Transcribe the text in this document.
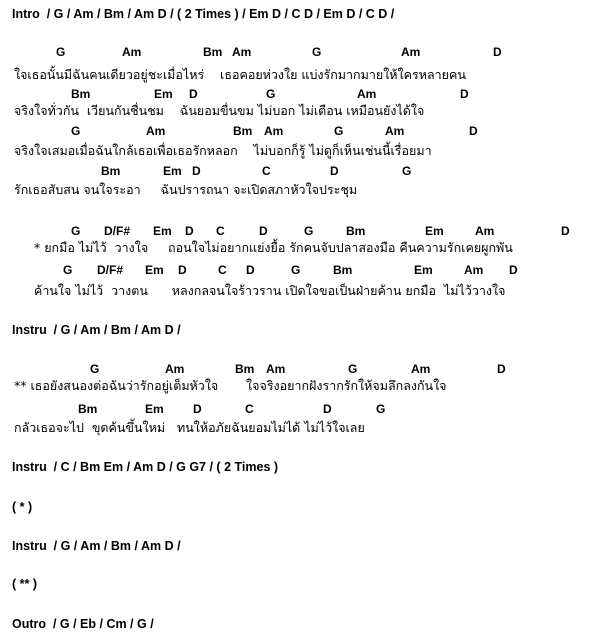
Intro  / G / Am / Bm / Am D / ( 2 Times ) / Em D / C D / Em D / C D /
G	Am	Bm Am	G	Am	D
ใจเธอนั้นมีฉันคนเดียวอยู่ชะเมื่อไหร่    เธอคอยห่วงใย แบ่งรักมากมายให้ใครหลายคน
Bm	Em D	G	Am	D
จริงใจทั่วกัน  เวียนกันชื่นชม    ฉันยอมขื่นขม ไม่บอก ไม่เตือน เหมือนยังได้ใจ
G	Am	Bm Am	G	Am	D
จริงใจเสมอเมื่อฉันใกล้เธอเพื่อเธอรักหลอก    ไม่บอกก็รู้ ไม่ดูก็เห็นเช่นนี้เรื่อยมา
Bm	Em D	C	D	G
รักเธอสับสน จนใจระอา     ฉันปรารถนา จะเปิดสภาหัวใจประชุม
G D/F# Em D C	D	G	Bm	Em	Am	D
* ยกมือ ไม่ไว้  วางใจ     ถอนใจไม่อยากแย่งยื้อ รักคนจับปลาสองมือ คืนความรักเคยผูกพัน
G D/F# Em D	C D	G	Bm	Em	Am D
ค้านใจ ไม่ไว้  วางตน      หลงกลจนใจร้าวราน เปิดใจขอเป็นฝ่ายค้าน ยกมือ  ไม่ไว้วางใจ
Instru  / G / Am / Bm / Am D /
G	Am	Bm Am	G	Am	D
** เธอยังสนองต่อฉันว่ารักอยู่เต็มหัวใจ       ใจจริงอยากฝังรากรักให้จมลึกลงกันใจ
Bm	Em D	C	D	G
กลัวเธอจะไป  ขุดค้นขึ้นใหม่   ทนให้อภัยฉันยอมไม่ได้ ไม่ไว้ใจเลย
Instru  / C / Bm Em / Am D / G G7 / ( 2 Times )
( * )
Instru  / G / Am / Bm / Am D /
( ** )
Outro  / G / Eb / Cm / G /
